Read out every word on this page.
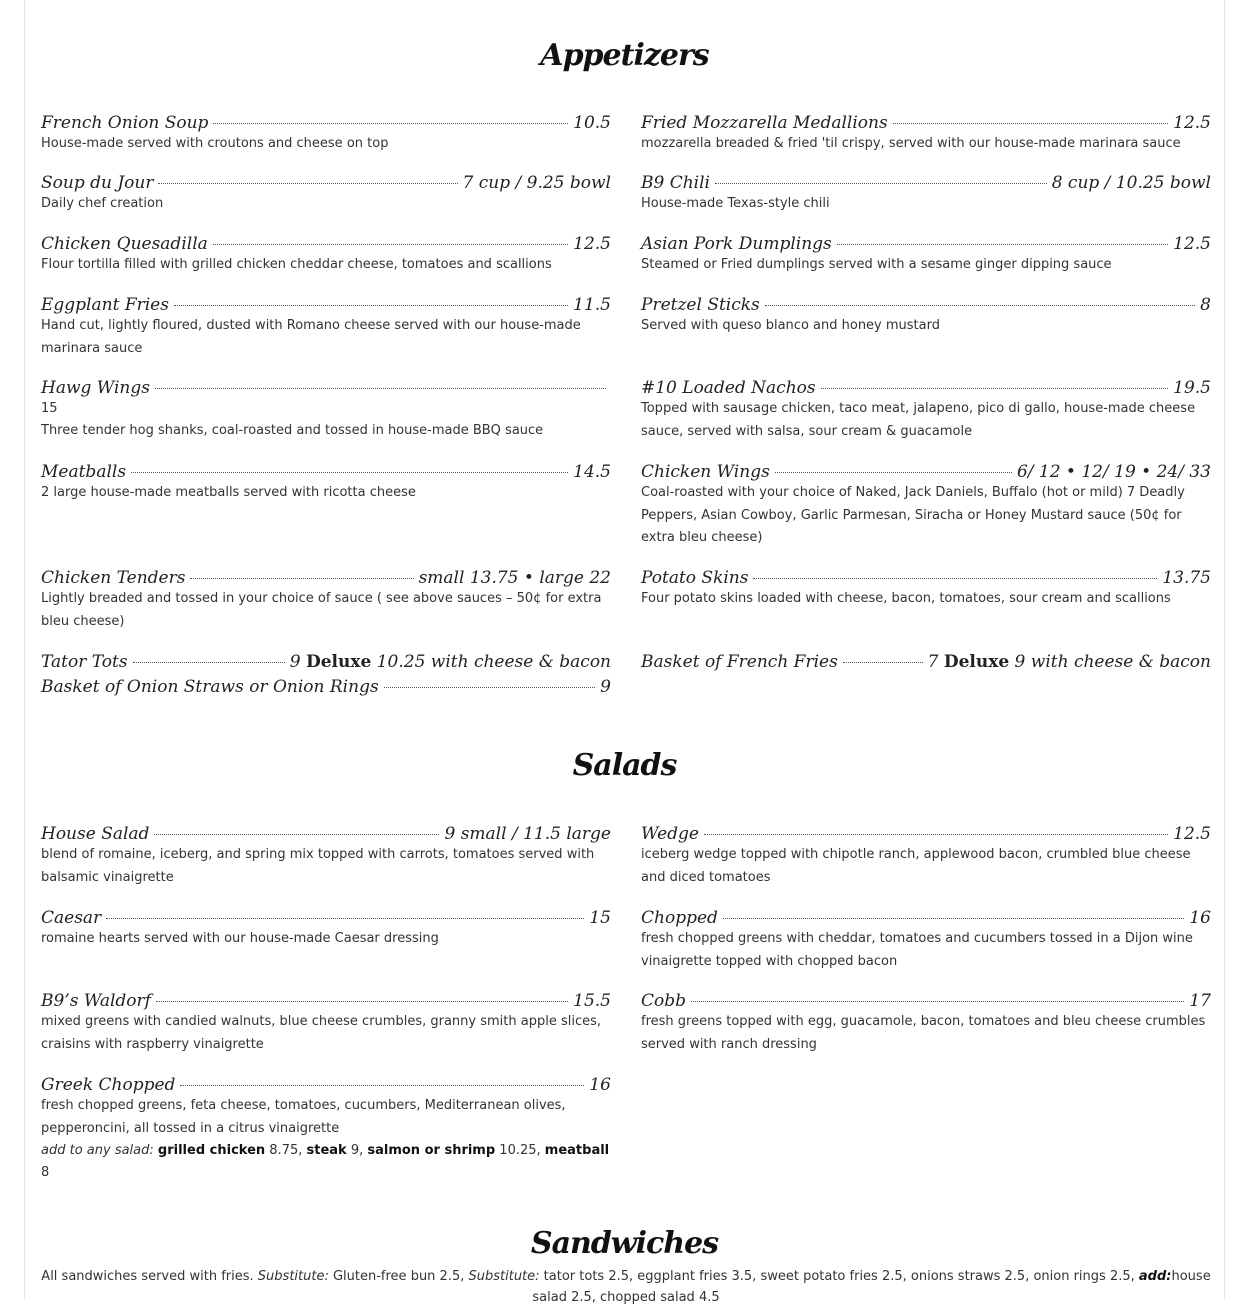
Appetizers
French Onion Soup	10.5
House-made served with croutons and cheese on top
Soup du Jour	7 cup / 9.25 bowl
Daily chef creation
Chicken Quesadilla	12.5
Flour tortilla filled with grilled chicken cheddar cheese, tomatoes and scallions
Eggplant Fries	11.5
Hand cut, lightly floured, dusted with Romano cheese served with our house-made marinara sauce
Hawg Wings
15
Three tender hog shanks, coal-roasted and tossed in house-made BBQ sauce
Meatballs	14.5
2 large house-made meatballs served with ricotta cheese
Chicken Tenders	small 13.75 • large 22
Lightly breaded and tossed in your choice of sauce ( see above sauces – 50¢ for extra bleu cheese)
Tator Tots	9 Deluxe 10.25 with cheese & bacon
Basket of Onion Straws or Onion Rings	9
Fried Mozzarella Medallions	12.5
mozzarella breaded & fried 'til crispy, served with our house-made marinara sauce
B9 Chili	8 cup / 10.25 bowl
House-made Texas-style chili
Asian Pork Dumplings	12.5
Steamed or Fried dumplings served with a sesame ginger dipping sauce
Pretzel Sticks	8
Served with queso blanco and honey mustard
#10 Loaded Nachos	19.5
Topped with sausage chicken, taco meat, jalapeno, pico di gallo, house-made cheese sauce, served with salsa, sour cream & guacamole
Chicken Wings	6/ 12 • 12/ 19 • 24/ 33
Coal-roasted with your choice of Naked, Jack Daniels, Buffalo (hot or mild) 7 Deadly Peppers, Asian Cowboy, Garlic Parmesan, Siracha or Honey Mustard sauce (50¢ for extra bleu cheese)
Potato Skins	13.75
Four potato skins loaded with cheese, bacon, tomatoes, sour cream and scallions
Basket of French Fries	7 Deluxe 9 with cheese & bacon
Salads
House Salad	9 small / 11.5 large
blend of romaine, iceberg, and spring mix topped with carrots, tomatoes served with balsamic vinaigrette
Caesar	15
romaine hearts served with our house-made Caesar dressing
B9’s Waldorf	15.5
mixed greens with candied walnuts, blue cheese crumbles, granny smith apple slices, craisins with raspberry vinaigrette
Greek Chopped	16
fresh chopped greens, feta cheese, tomatoes, cucumbers, Mediterranean olives, pepperoncini, all tossed in a citrus vinaigrette
add to any salad: grilled chicken 8.75, steak 9, salmon or shrimp 10.25, meatball 8
Wedge	12.5
iceberg wedge topped with chipotle ranch, applewood bacon, crumbled blue cheese and diced tomatoes
Chopped	16
fresh chopped greens with cheddar, tomatoes and cucumbers tossed in a Dijon wine vinaigrette topped with chopped bacon
Cobb	17
fresh greens topped with egg, guacamole, bacon, tomatoes and bleu cheese crumbles served with ranch dressing
Sandwiches
All sandwiches served with fries. Substitute: Gluten-free bun 2.5, Substitute: tator tots 2.5, eggplant fries 3.5, sweet potato fries 2.5, onions straws 2.5, onion rings 2.5, add:house salad 2.5, chopped salad 4.5
